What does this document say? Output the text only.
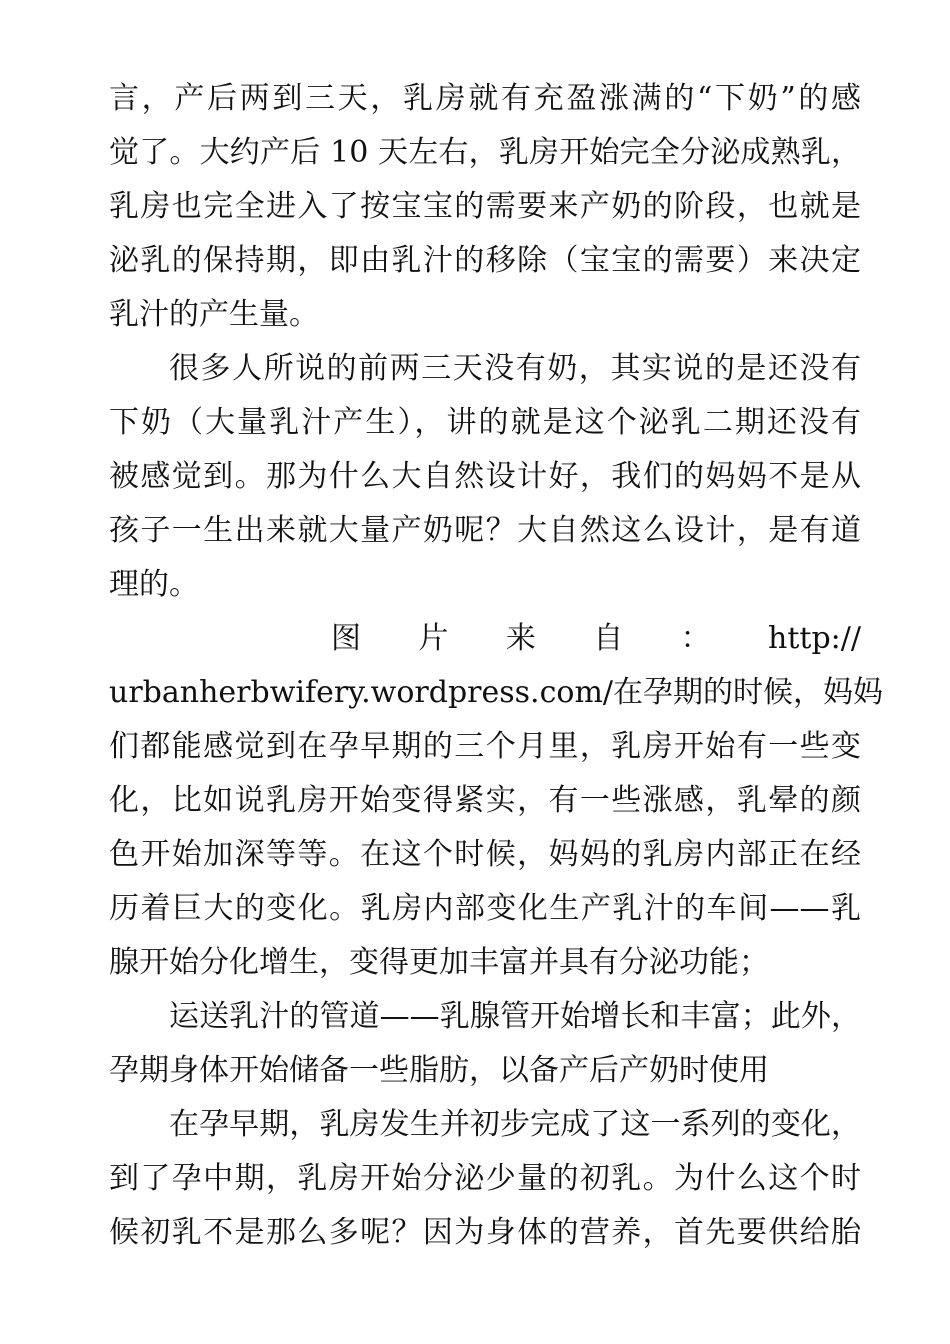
言，产后两到三天，乳房就有充盈涨满的“下奶”的感
觉了。大约产后 10 天左右，乳房开始完全分泌成熟乳，
乳房也完全进入了按宝宝的需要来产奶的阶段，也就是
泌乳的保持期，即由乳汁的移除（宝宝的需要）来决定
乳汁的产生量。
很多人所说的前两三天没有奶，其实说的是还没有
下奶（大量乳汁产生），讲的就是这个泌乳二期还没有
被感觉到。那为什么大自然设计好，我们的妈妈不是从
孩子一生出来就大量产奶呢？大自然这么设计，是有道
理的。
图 片 来 自 ： http://
urbanherbwifery.wordpress.com/在孕期的时候，妈妈
们都能感觉到在孕早期的三个月里，乳房开始有一些变
化，比如说乳房开始变得紧实，有一些涨感，乳晕的颜
色开始加深等等。在这个时候，妈妈的乳房内部正在经
历着巨大的变化。乳房内部变化生产乳汁的车间——乳
腺开始分化增生，变得更加丰富并具有分泌功能；
运送乳汁的管道——乳腺管开始增长和丰富；此外，
孕期身体开始储备一些脂肪，以备产后产奶时使用
在孕早期，乳房发生并初步完成了这一系列的变化，
到了孕中期，乳房开始分泌少量的初乳。为什么这个时
候初乳不是那么多呢？因为身体的营养，首先要供给胎
